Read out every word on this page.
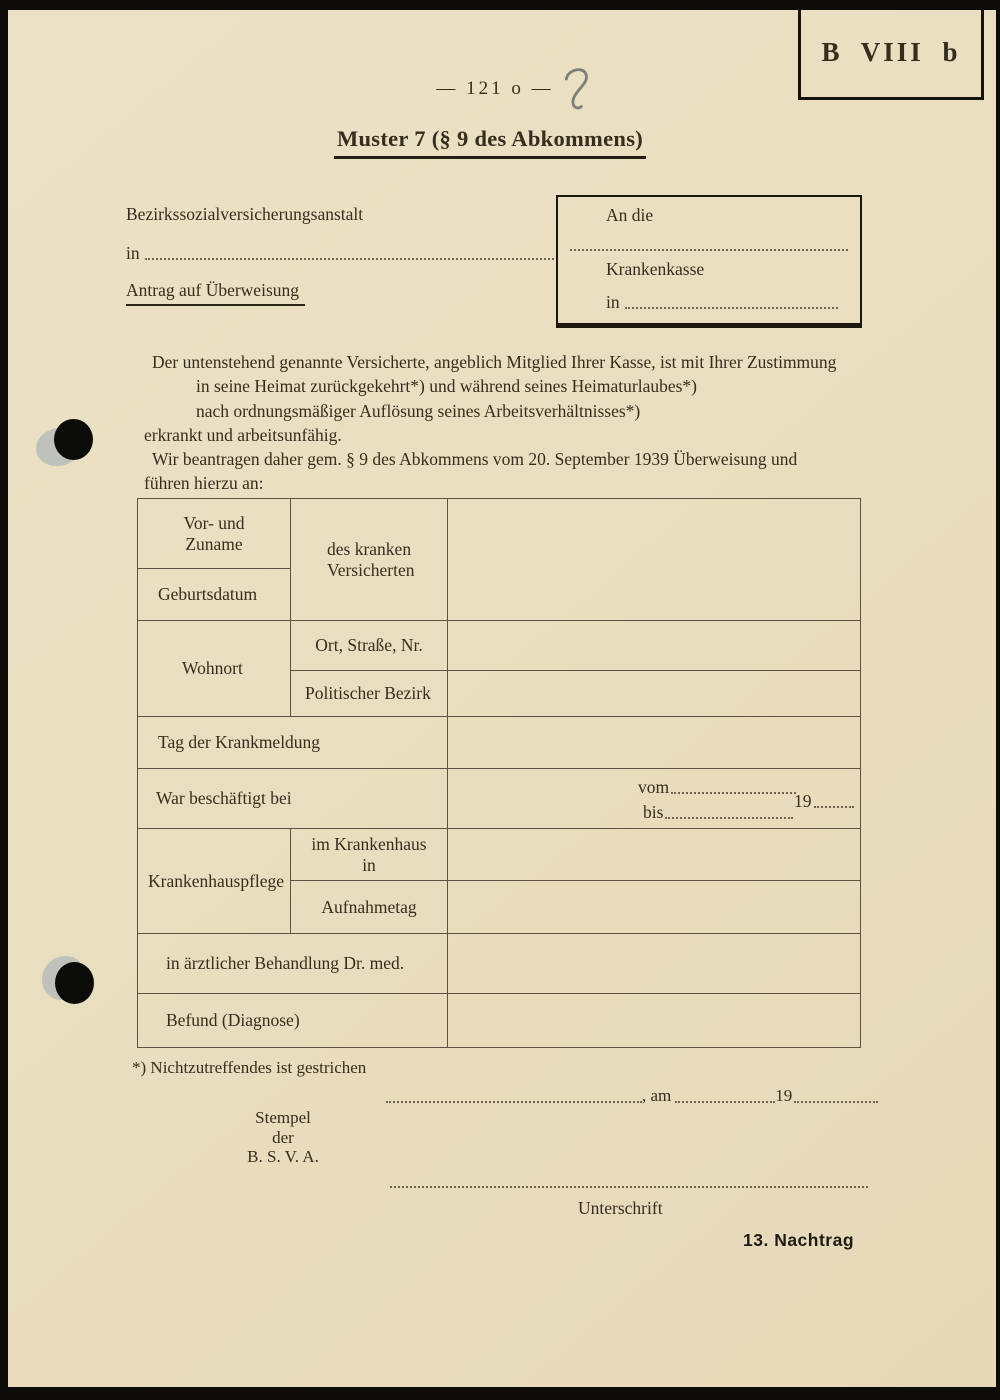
B VIII b
— 121 o —
Muster 7 (§ 9 des Abkommens)
Bezirkssozialversicherungsanstalt
in
Antrag auf Überweisung
An die
Krankenkasse
in
Der untenstehend genannte Versicherte, angeblich Mitglied Ihrer Kasse, ist mit Ihrer Zustimmung
in seine Heimat zurückgekehrt*) und während seines Heimaturlaubes*)
nach ordnungsmäßiger Auflösung seines Arbeitsverhältnisses*)
erkrankt und arbeitsunfähig.
Wir beantragen daher gem. § 9 des Abkommens vom 20. September 1939 Überweisung und
führen hierzu an:
Vor- und Zuname	des kranken Versicherten
Geburtsdatum
Wohnort
Ort, Straße, Nr.
Politischer Bezirk
Tag der Krankmeldung
War beschäftigt bei
vom
19
bis
Krankenhauspflege
im Krankenhaus in
Aufnahmetag
in ärztlicher Behandlung Dr. med.
Befund (Diagnose)
*) Nichtzutreffendes ist gestrichen
, am	19
Stempel
der
B. S. V. A.
Unterschrift
13. Nachtrag
